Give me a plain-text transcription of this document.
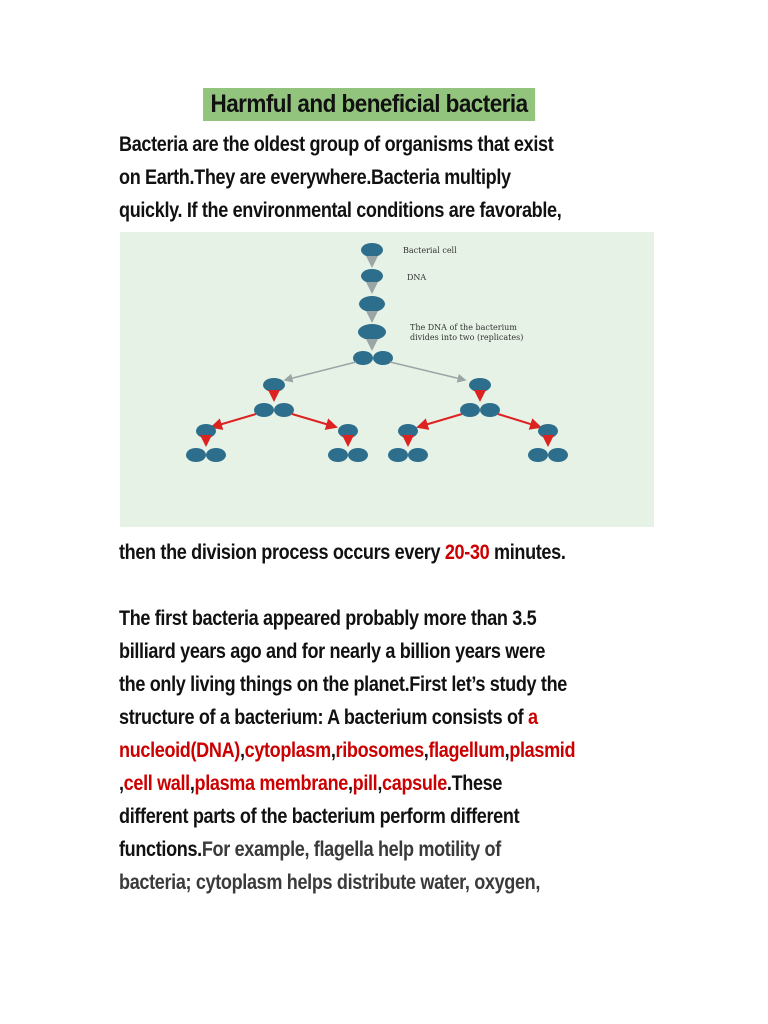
Harmful and beneficial bacteria
Bacteria are the oldest group of organisms that exist
on Earth.They are everywhere.Bacteria multiply
quickly. If the environmental conditions are favorable,
Bacterial cell
DNA
The DNA of the bacterium
divides into two (replicates)
then the division process occurs every 20-30 minutes.
The first bacteria appeared probably more than 3.5
billiard years ago and for nearly a billion years were
the only living things on the planet.First let’s study the
structure of a bacterium: A bacterium consists of a
nucleoid(DNA),cytoplasm,ribosomes,flagellum,plasmid
,cell wall,plasma membrane,pill,capsule.These
different parts of the bacterium perform different
functions.For example, flagella help motility of
bacteria; cytoplasm helps distribute water, oxygen,
